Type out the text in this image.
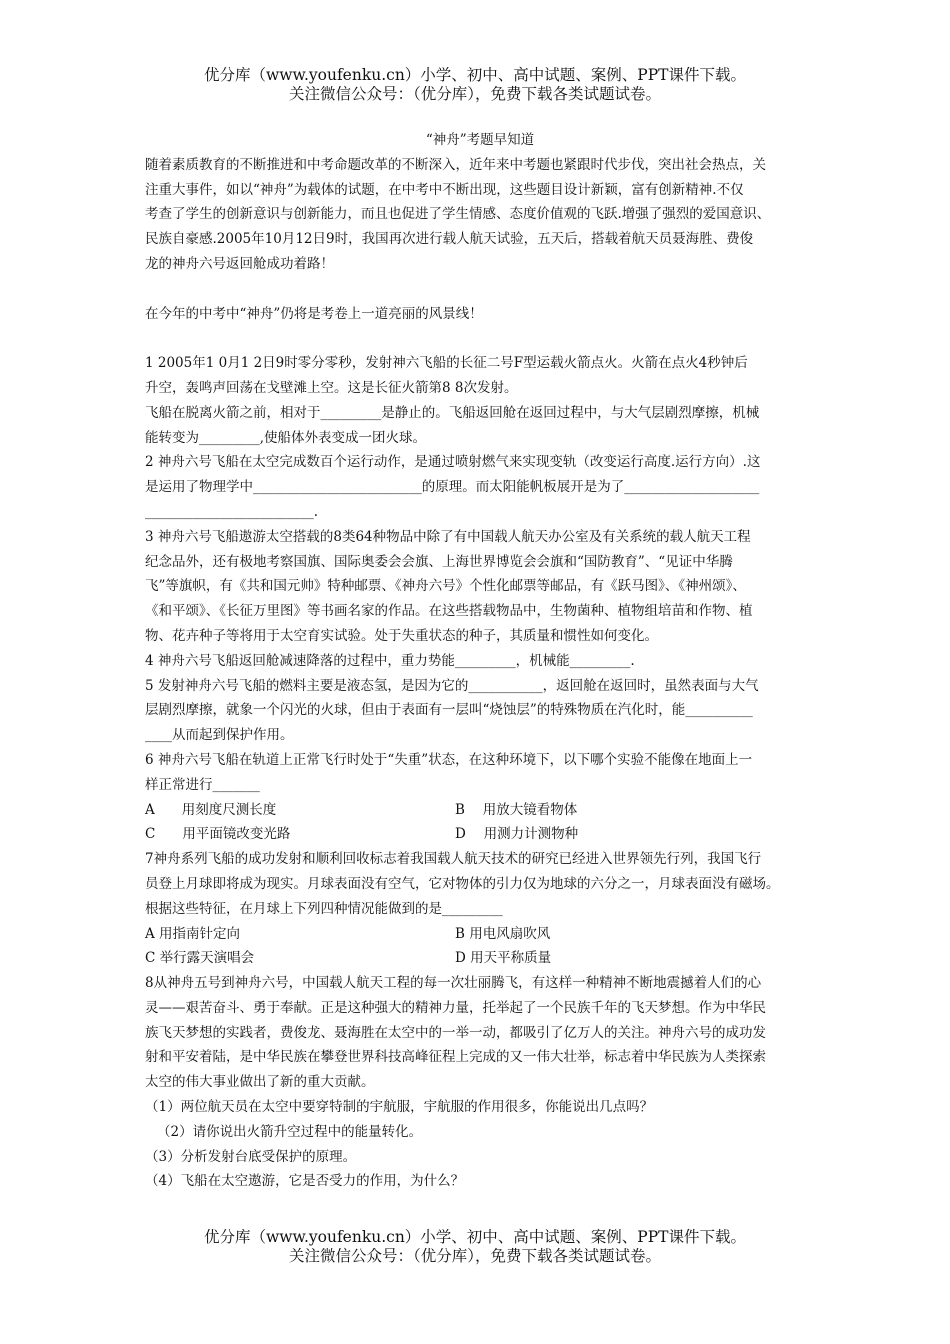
优分库（www.youfenku.cn）小学、初中、高中试题、案例、PPT课件下载。
关注微信公众号：（优分库），免费下载各类试题试卷。
“神舟”考题早知道
随着素质教育的不断推进和中考命题改革的不断深入，近年来中考题也紧跟时代步伐，突出社会热点，关
注重大事件，如以“神舟”为载体的试题，在中考中不断出现，这些题目设计新颖，富有创新精神.不仅
考查了学生的创新意识与创新能力，而且也促进了学生情感、态度价值观的飞跃.增强了强烈的爱国意识、
民族自豪感.2005年10月12日9时，我国再次进行载人航天试验，五天后，搭载着航天员聂海胜、费俊
龙的神舟六号返回舱成功着路！
在今年的中考中“神舟”仍将是考卷上一道亮丽的风景线！
1 2005年1 0月1 2日9时零分零秒，发射神六飞船的长征二号F型运载火箭点火。火箭在点火4秒钟后
升空，轰鸣声回荡在戈壁滩上空。这是长征火箭第8 8次发射。
飞船在脱离火箭之前，相对于_________是静止的。飞船返回舱在返回过程中，与大气层剧烈摩擦，机械
能转变为_________,使船体外表变成一团火球。
2 神舟六号飞船在太空完成数百个运行动作，是通过喷射燃气来实现变轨（改变运行高度.运行方向）.这
是运用了物理学中_________________________的原理。而太阳能帆板展开是为了____________________
_________________________.
3 神舟六号飞船遨游太空搭载的8类64种物品中除了有中国载人航天办公室及有关系统的载人航天工程
纪念品外，还有极地考察国旗、国际奥委会会旗、上海世界博览会会旗和“国防教育”、“见证中华腾
飞”等旗帜，有《共和国元帅》特种邮票、《神舟六号》个性化邮票等邮品，有《跃马图》、《神州颂》、
《和平颂》、《长征万里图》等书画名家的作品。在这些搭载物品中，生物菌种、植物组培苗和作物、植
物、花卉种子等将用于太空育实试验。处于失重状态的种子，其质量和惯性如何变化。
4 神舟六号飞船返回舱减速降落的过程中，重力势能_________，机械能_________.
5 发射神舟六号飞船的燃料主要是液态氢，是因为它的___________，返回舱在返回时，虽然表面与大气
层剧烈摩擦，就象一个闪光的火球，但由于表面有一层叫“烧蚀层”的特殊物质在汽化时，能__________
____从而起到保护作用。
6 神舟六号飞船在轨道上正常飞行时处于“失重”状态，在这种环境下，以下哪个实验不能像在地面上一
样正常进行_______
A　　用刻度尺测长度	B　 用放大镜看物体
C　　用平面镜改变光路	D　 用测力计测物种
7神舟系列飞船的成功发射和顺利回收标志着我国载人航天技术的研究已经进入世界领先行列，我国飞行
员登上月球即将成为现实。月球表面没有空气，它对物体的引力仅为地球的六分之一，月球表面没有磁场。
根据这些特征，在月球上下列四种情况能做到的是_________
A 用指南针定向	B 用电风扇吹风
C 举行露天演唱会	D 用天平称质量
8从神舟五号到神舟六号，中国载人航天工程的每一次壮丽腾飞，有这样一种精神不断地震撼着人们的心
灵——艰苦奋斗、勇于奉献。正是这种强大的精神力量，托举起了一个民族千年的飞天梦想。作为中华民
族飞天梦想的实践者，费俊龙、聂海胜在太空中的一举一动，都吸引了亿万人的关注。神舟六号的成功发
射和平安着陆，是中华民族在攀登世界科技高峰征程上完成的又一伟大壮举，标志着中华民族为人类探索
太空的伟大事业做出了新的重大贡献。
（1）两位航天员在太空中要穿特制的宇航服，宇航服的作用很多，你能说出几点吗？
（2）请你说出火箭升空过程中的能量转化。
（3）分析发射台底受保护的原理。
（4）飞船在太空遨游，它是否受力的作用，为什么？
优分库（www.youfenku.cn）小学、初中、高中试题、案例、PPT课件下载。
关注微信公众号：（优分库），免费下载各类试题试卷。
